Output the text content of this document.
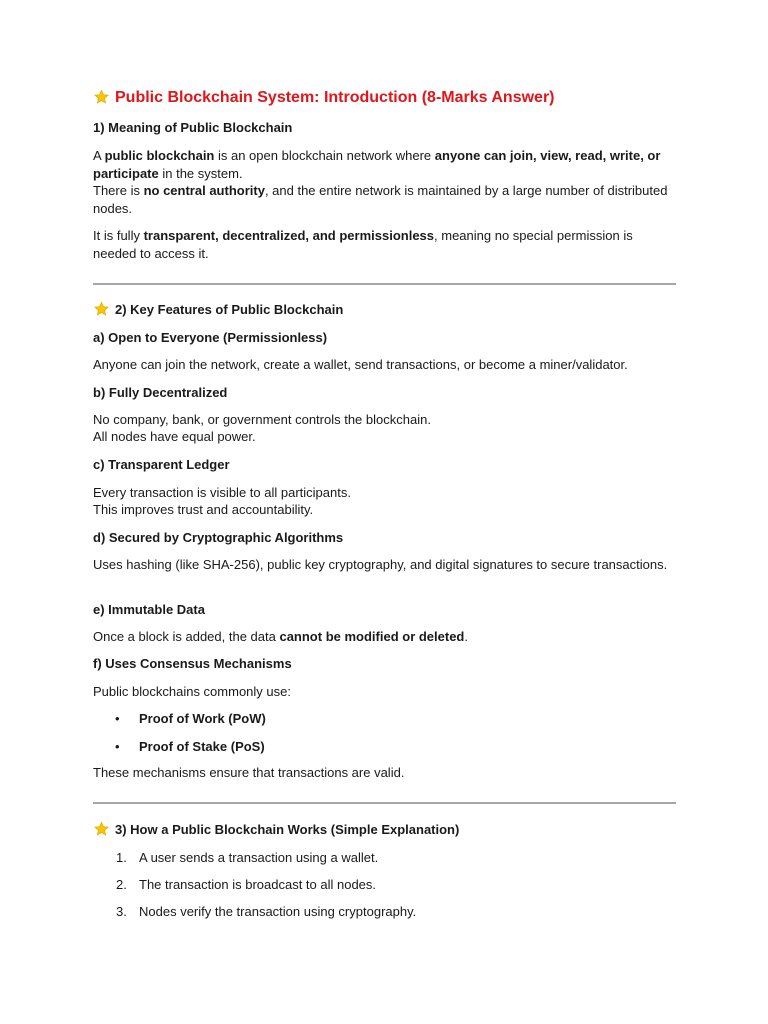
Public Blockchain System: Introduction (8-Marks Answer)
1) Meaning of Public Blockchain

A public blockchain is an open blockchain network where anyone can join, view, read, write, or participate in the system.

There is no central authority, and the entire network is maintained by a large number of distributed nodes.

It is fully transparent, decentralized, and permissionless, meaning no special permission is needed to access it.

2) Key Features of Public Blockchain
a) Open to Everyone (Permissionless)
Anyone can join the network, create a wallet, send transactions, or become a miner/validator.
b) Fully Decentralized
No company, bank, or government controls the blockchain.
All nodes have equal power.
c) Transparent Ledger
Every transaction is visible to all participants.
This improves trust and accountability.
d) Secured by Cryptographic Algorithms
Uses hashing (like SHA-256), public key cryptography, and digital signatures to secure transactions.
e) Immutable Data
Once a block is added, the data cannot be modified or deleted.
f) Uses Consensus Mechanisms
Public blockchains commonly use:
• Proof of Work (PoW)
• Proof of Stake (PoS)
These mechanisms ensure that transactions are valid.
3) How a Public Blockchain Works (Simple Explanation)
1. A user sends a transaction using a wallet.
2. The transaction is broadcast to all nodes.
3. Nodes verify the transaction using cryptography.
